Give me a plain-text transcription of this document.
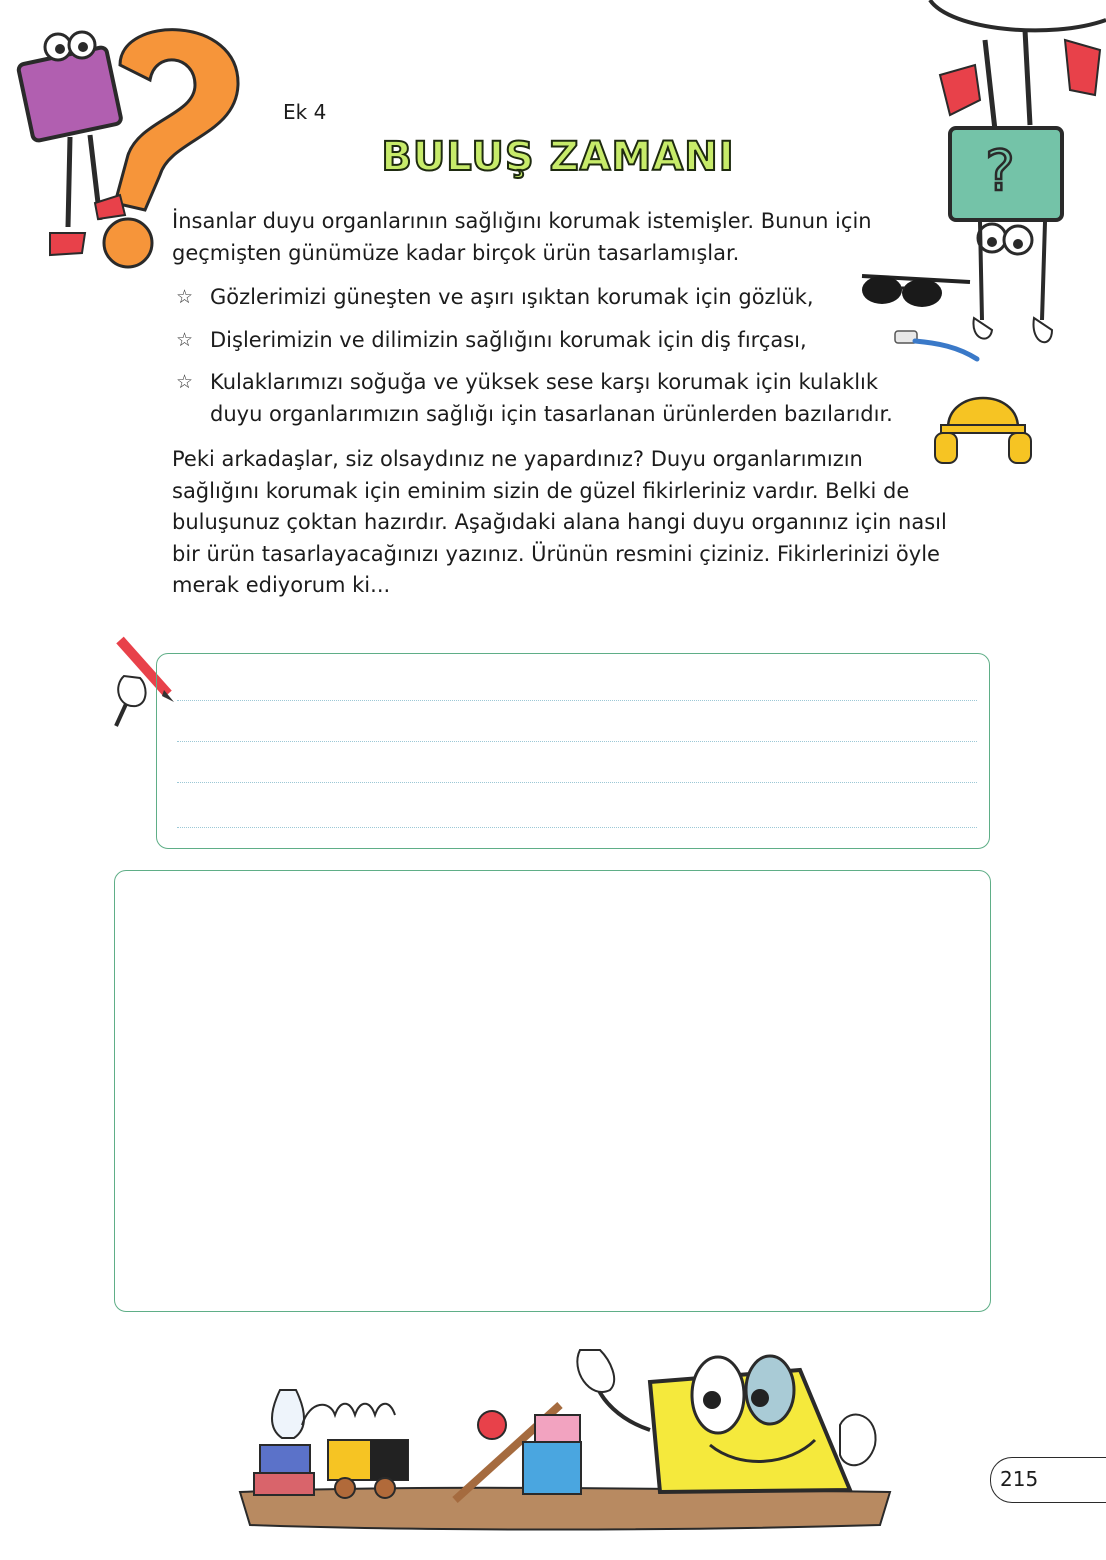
?
Ek 4
BULUŞ ZAMANI
İnsanlar duyu organlarının sağlığını korumak istemişler. Bunun için geçmişten günümüze kadar birçok ürün tasarlamışlar.
☆ Gözlerimizi güneşten ve aşırı ışıktan korumak için gözlük,
☆ Dişlerimizin ve dilimizin sağlığını korumak için diş fırçası,
☆ Kulaklarımızı soğuğa ve yüksek sese karşı korumak için kulaklık duyu organlarımızın sağlığı için tasarlanan ürünlerden bazılarıdır.
Peki arkadaşlar, siz olsaydınız ne yapardınız? Duyu organlarımızın sağlığını korumak için eminim sizin de güzel fikirleriniz vardır. Belki de buluşunuz çoktan hazırdır. Aşağıdaki alana hangi duyu organınız için nasıl bir ürün tasarlayacağınızı yazınız. Ürünün resmini çiziniz. Fikirlerinizi öyle merak ediyorum ki...
215
